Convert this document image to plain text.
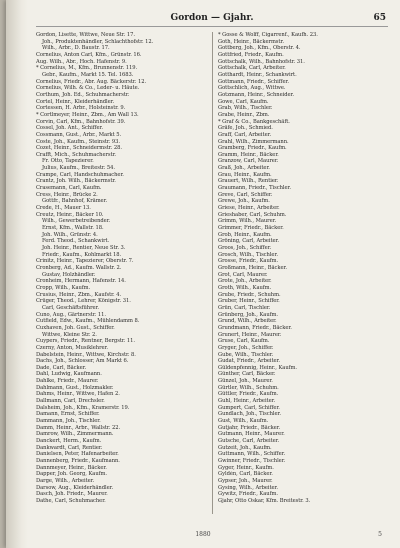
Gordon — Gjahr.	65
Gordon, Lisette, Wittwe, Neue Str. 17.
Joh., Produktenhändler, Schlachthofstr. 12.
Wilh., Arbr., D. Baustr. 17.
Cornelius, Anton Carl, Kfm., Grünstr. 16.
Aug. Wilh., Abr., Hoch. Hafenstr. 9.
* Cornelius, M., Kfm., Brunnenstr. 119.
Gebr., Kaufm., Markt 15. Tel. 1683.
Cornelius, Friedr., Abr. Aug. Bäckerstr. 12.
Cornelius, Wilh. & Co., Leder- u. Häute.
Corthum, Joh. Ed., Schuhmacherstr.
Cortel, Heinr., Kleiderhändler.
Cortessen, H. Arbr., Holsteinstr. 9.
* Cortlmeyer, Heinr., Zbm., Am Wall 13.
Corvin, Carl, Kfm., Bahnhofstr. 39.
Cossel, Joh. Ant., Schiffer.
Cossmann, Gust., Arbr., Markt 5.
Coste, Joh., Kaufm., Steinstr. 93.
Cozet, Heinr., Schneidermstr. 28.
Crafft, Mich., Schuhmacherstr.
Fr. Otto, Tapezierer.
Julius, Kaufm., Breitestr. 54.
Crampe, Carl, Handschuhmacher.
Crantz, Joh. Wilh., Bäckermstr.
Crasemann, Carl, Kaufm.
Cress, Heinr., Brücke 2.
Gottfr., Bahnhof, Krämer.
Crede, H., Mauer 13.
Creutz, Heinr., Bäcker 10.
Wilh., Gewerbetreibender.
Ernst, Kfm., Wallstr. 18.
Joh. Wilh., Grünstr. 4.
Ferd. Theod., Schankwirt.
Joh. Heinr., Rentier, Neue Str. 3.
Friedr., Kaufm., Kohlmarkt 18.
Crinitz, Heinr., Tapezierer, Oberstr. 7.
Cronberg, Ad., Kaufm. Wallstr. 2.
Gustav, Holzhändler.
Cronheim, Hermann, Hafenstr. 14.
Cropp, Wilh., Kaufm.
Crusius, Heinr., Zbm., Kaufstr. 4.
Crüger, Theod., Lehrer, Königstr. 31.
Carl, Geschäftsführer.
Cuno, Aug., Gärtnerstr. 11.
Cutfield, Edw., Kaufm., Mühlendamm 8.
Cuxhaven, Joh. Gust., Schiffer.
Wittwe, Kleine Str. 2.
Cuypers, Friedr., Rentner, Bergstr. 11.
Czerny, Anton, Musiklehrer.
Dabelstein, Heinr., Wittwe, Kirchstr. 8.
Dachs, Joh., Schlosser, Am Markt 6.
Dade, Carl, Bäcker.
Dahl, Ludwig, Kaufmann.
Dahlke, Friedr., Maurer.
Dahlmann, Gust., Holzmakler.
Dahms, Heinr., Wittwe, Hafen 2.
Dallmann, Carl, Drechsler.
Dalsheim, Joh., Kfm., Kramerstr. 19.
Damann, Ernst, Schiffer.
Dammann, Joh., Tischler.
Damm, Heinr., Arbr., Wallstr. 22.
Damrow, Wilh., Zimmermann.
Danckert, Herm., Kaufm.
Dankwardt, Carl, Rentier.
Danielsen, Peter, Hafenarbeiter.
Dannenberg, Friedr., Kaufmann.
Dannmeyer, Heinr., Bäcker.
Dapper, Joh. Georg, Kaufm.
Darge, Wilh., Arbeiter.
Darsow, Aug., Kleiderhändler.
Dasch, Joh. Friedr., Maurer.
Dathe, Carl, Schuhmacher.
* Gosse & Wolff, Cigarrenf., Kaufh. 23.
Goth, Heinr., Bäckermstr.
Gottberg, Joh., Kfm., Oberstr. 4.
Gottfried, Friedr., Kaufm.
Gottschalk, Wilh., Bahnhofstr. 31.
Gottschalk, Carl, Arbeiter.
Gotthardt, Heinr., Schankwirt.
Gottmann, Friedr., Schiffer.
Gottschlich, Aug., Wittwe.
Gotzmann, Heinr., Schneider.
Gowe, Carl, Kaufm.
Grab, Wilh., Tischler.
Grabe, Heinr., Zbm.
* Graf & Co., Bankgeschäft.
Gräfe, Joh., Schmied.
Graff, Carl, Arbeiter.
Grahl, Wilh., Zimmermann.
Gramberg, Friedr., Kaufm.
Gramm, Heinr., Bäcker.
Granzow, Carl, Maurer.
Graß, Joh., Arbeiter.
Grau, Heinr., Kaufm.
Grauert, Wilh., Rentier.
Graumann, Friedr., Tischler.
Greve, Carl, Schiffer.
Grewe, Joh., Kaufm.
Griese, Heinr., Arbeiter.
Grieshaber, Carl, Schuhm.
Grimm, Wilh., Maurer.
Grimmer, Friedr., Bäcker.
Grob, Heinr., Kaufm.
Gröning, Carl, Arbeiter.
Groos, Joh., Schiffer.
Grosch, Wilh., Tischler.
Grosse, Friedr., Kaufm.
Großmann, Heinr., Bäcker.
Grot, Carl, Maurer.
Grote, Joh., Arbeiter.
Groth, Wilh., Kaufm.
Grube, Friedr., Schuhm.
Gruber, Heinr., Schiffer.
Grün, Carl, Tischler.
Grünberg, Joh., Kaufm.
Grund, Wilh., Arbeiter.
Grundmann, Friedr., Bäcker.
Grunert, Heinr., Maurer.
Gruse, Carl, Kaufm.
Gryger, Joh., Schiffer.
Gube, Wilh., Tischler.
Gudat, Friedr., Arbeiter.
Güldenpfennig, Heinr., Kaufm.
Günther, Carl, Bäcker.
Günzel, Joh., Maurer.
Gürtler, Wilh., Schuhm.
Güttler, Friedr., Kaufm.
Guhl, Heinr., Arbeiter.
Gumpert, Carl, Schiffer.
Gundlach, Joh., Tischler.
Gust, Wilh., Kaufm.
Gutjahr, Friedr., Bäcker.
Gutmann, Heinr., Maurer.
Gutsche, Carl, Arbeiter.
Gutzeit, Joh., Kaufm.
Guttmann, Wilh., Schiffer.
Gwinner, Friedr., Tischler.
Gyger, Heinr., Kaufm.
Gyldén, Carl, Bäcker.
Gypser, Joh., Maurer.
Gysing, Wilh., Arbeiter.
Gywitz, Friedr., Kaufm.
Gjahr, Otto Oskar, Kfm. Breitestr. 3.
1880	5
